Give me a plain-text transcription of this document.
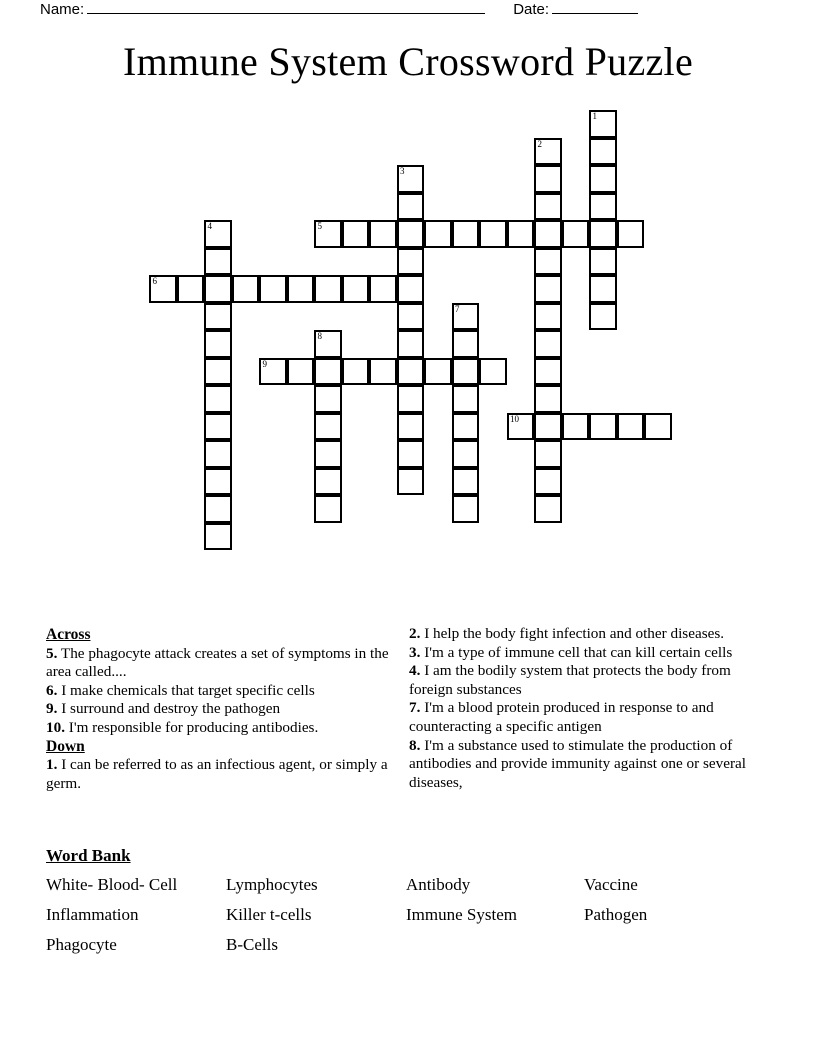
Name:	Date:
Immune System Crossword Puzzle
1
2
3
4	5
6
7
8
9
10
Across
5. The phagocyte attack creates a set of symptoms in the area called....
6. I make chemicals that target specific cells
9. I surround and destroy the pathogen
10. I'm responsible for producing antibodies.
Down
1. I can be referred to as an infectious agent, or simply a germ.
2. I help the body fight infection and other diseases.
3. I'm a type of immune cell that can kill certain cells
4. I am the bodily system that protects the body from foreign substances
7. I'm a blood protein produced in response to and counteracting a specific antigen
8. I'm a substance used to stimulate the production of antibodies and provide immunity against one or several diseases,
Word Bank
White- Blood- Cell	Lymphocytes	Antibody	Vaccine
Inflammation	Killer t-cells	Immune System	Pathogen
Phagocyte	B-Cells
